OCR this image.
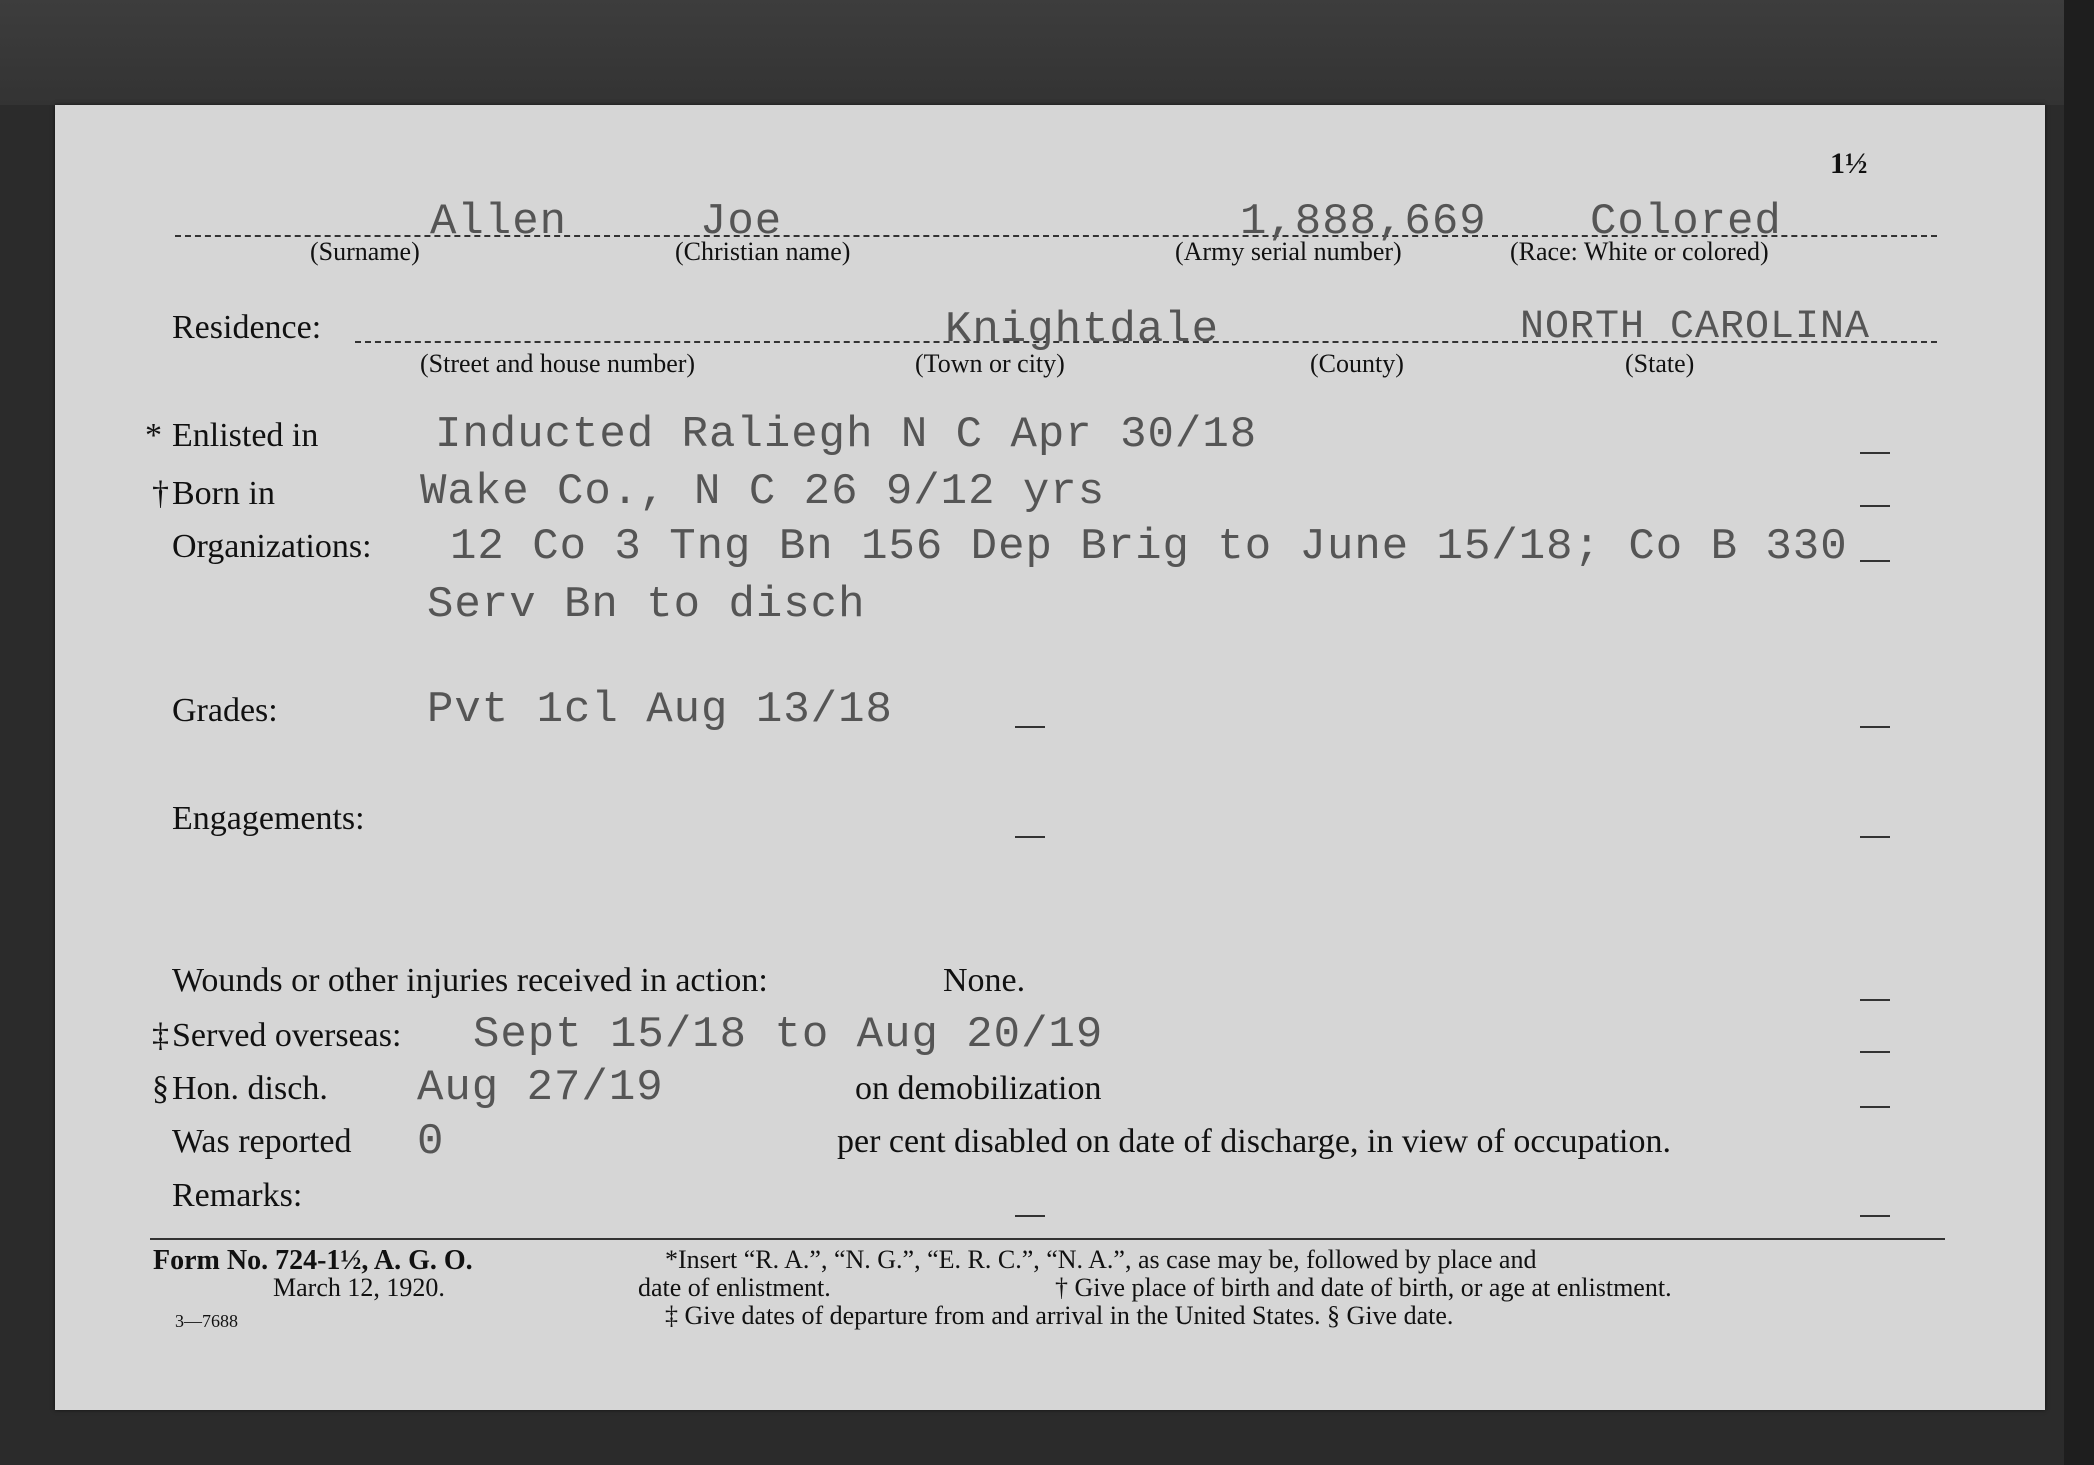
1½
Allen
(Surname)
Joe
(Christian name)
1,888,669
(Army serial number)
Colored
(Race: White or colored)
Residence:
(Street and house number)
Knightdale
(Town or city)	(County)
NORTH CAROLINA
(State)
* Enlisted in	Inducted Raliegh N C Apr 30/18
† Born in	Wake Co., N C 26 9/12 yrs
Organizations: 12 Co 3 Tng Bn 156 Dep Brig to June 15/18; Co B 330
Serv Bn to disch
Grades:	Pvt 1cl Aug 13/18
Engagements:
Wounds or other injuries received in action:	None.
‡ Served overseas: Sept 15/18 to Aug 20/19
§ Hon. disch. Aug 27/19	on demobilization
Was reported 0	per cent disabled on date of discharge, in view of occupation.
Remarks:
Form No. 724-1½, A. G. O.
March 12, 1920.
3—7688
*Insert “R. A.”, “N. G.”, “E. R. C.”, “N. A.”, as case may be, followed by place and
date of enlistment.	† Give place of birth and date of birth, or age at enlistment.
‡ Give dates of departure from and arrival in the United States. § Give date.
